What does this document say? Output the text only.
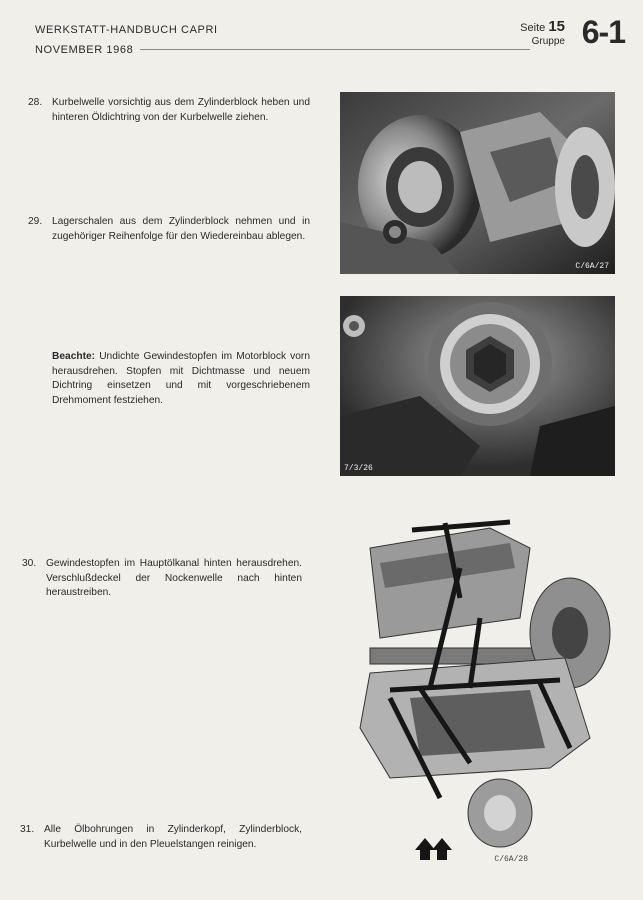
WERKSTATT-HANDBUCH CAPRI
NOVEMBER 1968
Seite 15
Gruppe 6-1
28. Kurbelwelle vorsichtig aus dem Zylinderblock heben und hinteren Öldichtring von der Kurbelwelle ziehen.
29. Lagerschalen aus dem Zylinderblock nehmen und in zugehöriger Reihenfolge für den Wiedereinbau ablegen.
Beachte: Undichte Gewindestopfen im Motorblock vorn herausdrehen. Stopfen mit Dichtmasse und neuem Dichtring einsetzen und mit vorgeschriebenem Drehmoment festziehen.
30. Gewindestopfen im Hauptölkanal hinten herausdrehen. Verschlußdeckel der Nockenwelle nach hinten heraustreiben.
31. Alle Ölbohrungen in Zylinderkopf, Zylinderblock, Kurbelwelle und in den Pleuelstangen reinigen.
C/6A/27
7/3/26
C/6A/28
